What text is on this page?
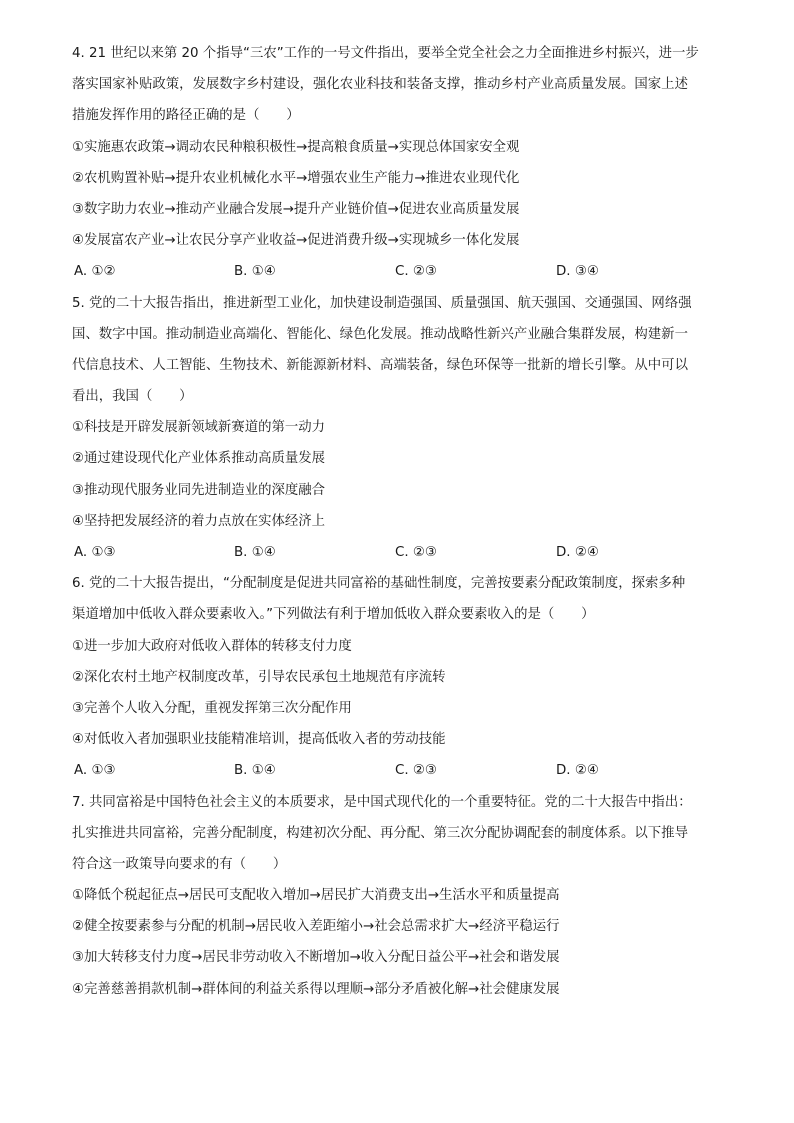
4. 21 世纪以来第 20 个指导“三农”工作的一号文件指出，要举全党全社会之力全面推进乡村振兴，进一步
落实国家补贴政策，发展数字乡村建设，强化农业科技和装备支撑，推动乡村产业高质量发展。国家上述
措施发挥作用的路径正确的是（　　）
①实施惠农政策→调动农民种粮积极性→提高粮食质量→实现总体国家安全观
②农机购置补贴→提升农业机械化水平→增强农业生产能力→推进农业现代化
③数字助力农业→推动产业融合发展→提升产业链价值→促进农业高质量发展
④发展富农产业→让农民分享产业收益→促进消费升级→实现城乡一体化发展
A. ①②	B. ①④	C. ②③	D. ③④
5. 党的二十大报告指出，推进新型工业化，加快建设制造强国、质量强国、航天强国、交通强国、网络强
国、数字中国。推动制造业高端化、智能化、绿色化发展。推动战略性新兴产业融合集群发展，构建新一
代信息技术、人工智能、生物技术、新能源新材料、高端装备，绿色环保等一批新的增长引擎。从中可以
看出，我国（　　）
①科技是开辟发展新领域新赛道的第一动力
②通过建设现代化产业体系推动高质量发展
③推动现代服务业同先进制造业的深度融合
④坚持把发展经济的着力点放在实体经济上
A. ①③	B. ①④	C. ②③	D. ②④
6. 党的二十大报告提出，“分配制度是促进共同富裕的基础性制度，完善按要素分配政策制度，探索多种
渠道增加中低收入群众要素收入。”下列做法有利于增加低收入群众要素收入的是（　　）
①进一步加大政府对低收入群体的转移支付力度
②深化农村土地产权制度改革，引导农民承包土地规范有序流转
③完善个人收入分配，重视发挥第三次分配作用
④对低收入者加强职业技能精准培训，提高低收入者的劳动技能
A. ①③	B. ①④	C. ②③	D. ②④
7. 共同富裕是中国特色社会主义的本质要求，是中国式现代化的一个重要特征。党的二十大报告中指出：
扎实推进共同富裕，完善分配制度，构建初次分配、再分配、第三次分配协调配套的制度体系。以下推导
符合这一政策导向要求的有（　　）
①降低个税起征点→居民可支配收入增加→居民扩大消费支出→生活水平和质量提高
②健全按要素参与分配的机制→居民收入差距缩小→社会总需求扩大→经济平稳运行
③加大转移支付力度→居民非劳动收入不断增加→收入分配日益公平→社会和谐发展
④完善慈善捐款机制→群体间的利益关系得以理顺→部分矛盾被化解→社会健康发展
